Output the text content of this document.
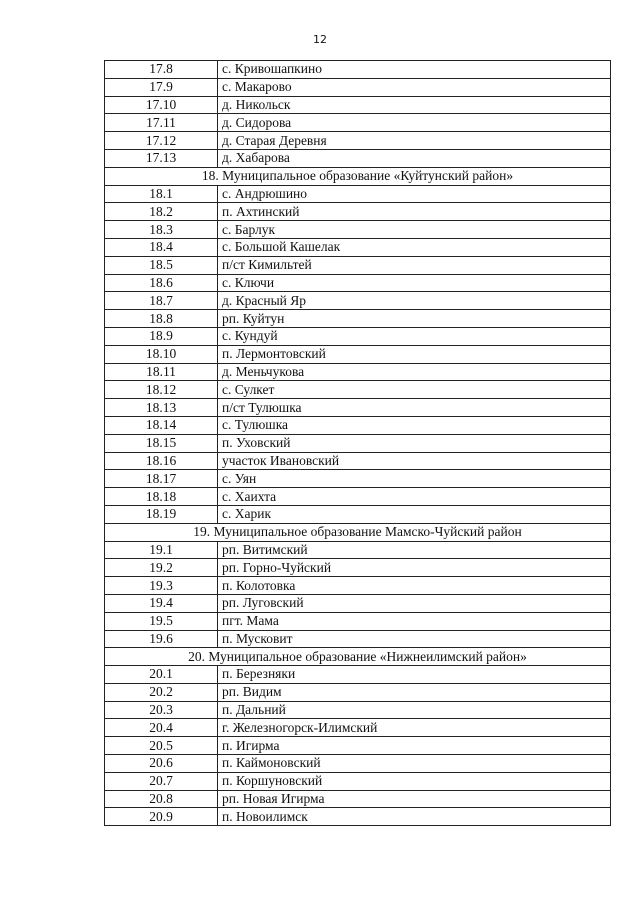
12
17.8	с. Кривошапкино
17.9	с. Макарово
17.10	д. Никольск
17.11	д. Сидорова
17.12	д. Старая Деревня
17.13	д. Хабарова
18. Муниципальное образование «Куйтунский район»	
18.1	с. Андрюшино
18.2	п. Ахтинский
18.3	с. Барлук
18.4	с. Большой Кашелак
18.5	п/ст Кимильтей
18.6	с. Ключи
18.7	д. Красный Яр
18.8	рп. Куйтун
18.9	с. Кундуй
18.10	п. Лермонтовский
18.11	д. Меньчукова
18.12	с. Сулкет
18.13	п/ст Тулюшка
18.14	с. Тулюшка
18.15	п. Уховский
18.16	участок Ивановский
18.17	с. Уян
18.18	с. Хаихта
18.19	с. Харик
19. Муниципальное образование Мамско-Чуйский район	
19.1	рп. Витимский
19.2	рп. Горно-Чуйский
19.3	п. Колотовка
19.4	рп. Луговский
19.5	пгт. Мама
19.6	п. Мусковит
20. Муниципальное образование «Нижнеилимский район»	
20.1	п. Березняки
20.2	рп. Видим
20.3	п. Дальний
20.4	г. Железногорск-Илимский
20.5	п. Игирма
20.6	п. Каймоновский
20.7	п. Коршуновский
20.8	рп. Новая Игирма
20.9	п. Новоилимск
